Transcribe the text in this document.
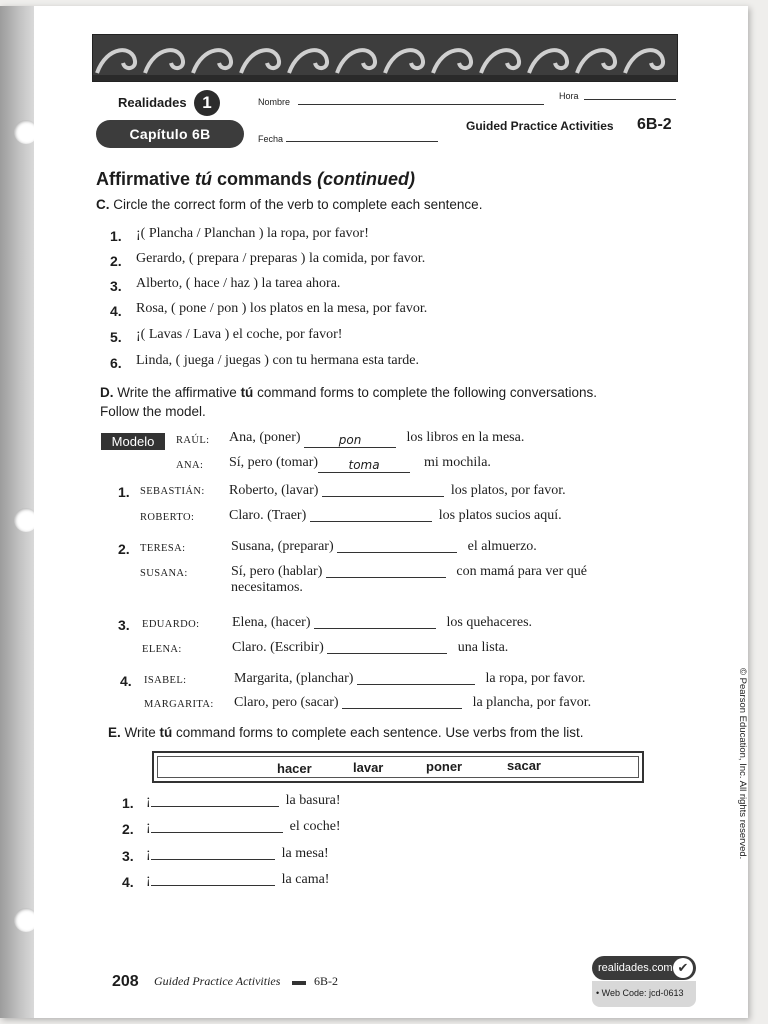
Realidades 1	Nombre
Hora
Capítulo 6B	Fecha
Guided Practice Activities 6B-2
Affirmative tú commands (continued)
C. Circle the correct form of the verb to complete each sentence.
1. ¡( Plancha / Planchan ) la ropa, por favor!
2. Gerardo, ( prepara / preparas ) la comida, por favor.
3. Alberto, ( hace / haz ) la tarea ahora.
4. Rosa, ( pone / pon ) los platos en la mesa, por favor.
5. ¡( Lavas / Lava ) el coche, por favor!
6. Linda, ( juega / juegas ) con tu hermana esta tarde.
D. Write the affirmative tú command forms to complete the following conversations.
Follow the model.
Modelo	RAÚL: Ana, (poner)	pon	los libros en la mesa.
ANA: Sí, pero (tomar)	toma	mi mochila.
1. SEBASTIÁN: Roberto, (lavar)	los platos, por favor.
ROBERTO: Claro. (Traer)	los platos sucios aquí.
2. TERESA:	Susana, (preparar)	el almuerzo.
SUSANA:	Sí, pero (hablar)	con mamá para ver qué
necesitamos.
3. EDUARDO: Elena, (hacer)	los quehaceres.
ELENA:	Claro. (Escribir)	una lista.
4. ISABEL:	Margarita, (planchar)	la ropa, por favor.
MARGARITA: Claro, pero (sacar)	la plancha, por favor.
E. Write tú command forms to complete each sentence. Use verbs from the list.
hacer	lavar	poner	sacar
1. ¡	la basura!
2. ¡	el coche!
3. ¡	la mesa!
4. ¡	la cama!
208 Guided Practice Activities	6B-2
realidades.com ✔
• Web Code: jcd-0613
© Pearson Education, Inc. All rights reserved.
